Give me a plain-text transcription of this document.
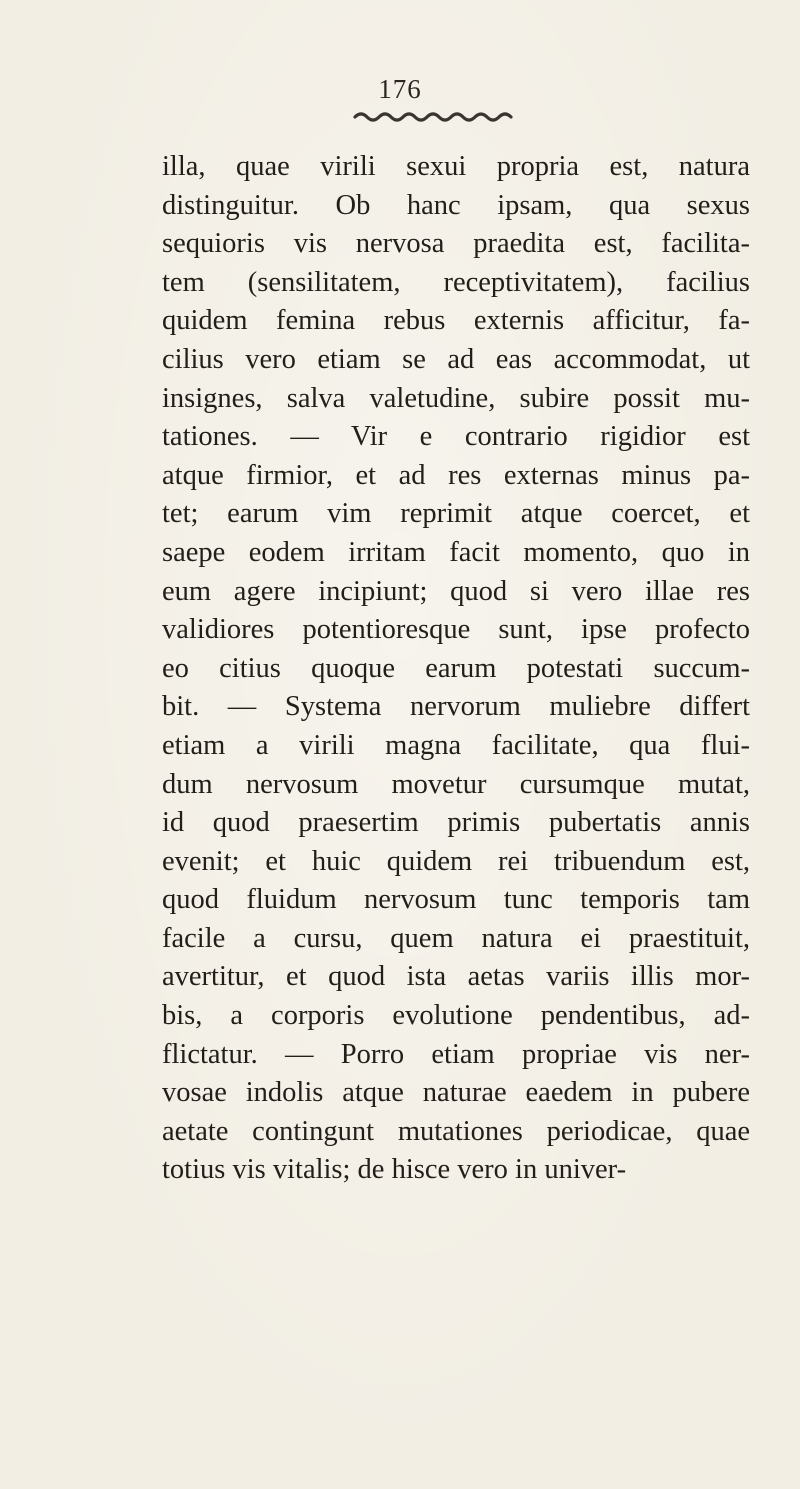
176
illa, quae virili sexui propria est, natura
distinguitur. Ob hanc ipsam, qua sexus
sequioris vis nervosa praedita est, facilita-
tem (sensilitatem, receptivitatem), facilius
quidem femina rebus externis afficitur, fa-
cilius vero etiam se ad eas accommodat, ut
insignes, salva valetudine, subire possit mu-
tationes. — Vir e contrario rigidior est
atque firmior, et ad res externas minus pa-
tet; earum vim reprimit atque coercet, et
saepe eodem irritam facit momento, quo in
eum agere incipiunt; quod si vero illae res
validiores potentioresque sunt, ipse profecto
eo citius quoque earum potestati succum-
bit. — Systema nervorum muliebre differt
etiam a virili magna facilitate, qua flui-
dum nervosum movetur cursumque mutat,
id quod praesertim primis pubertatis annis
evenit; et huic quidem rei tribuendum est,
quod fluidum nervosum tunc temporis tam
facile a cursu, quem natura ei praestituit,
avertitur, et quod ista aetas variis illis mor-
bis, a corporis evolutione pendentibus, ad-
flictatur. — Porro etiam propriae vis ner-
vosae indolis atque naturae eaedem in pubere
aetate contingunt mutationes periodicae, quae
totius vis vitalis; de hisce vero in univer-
